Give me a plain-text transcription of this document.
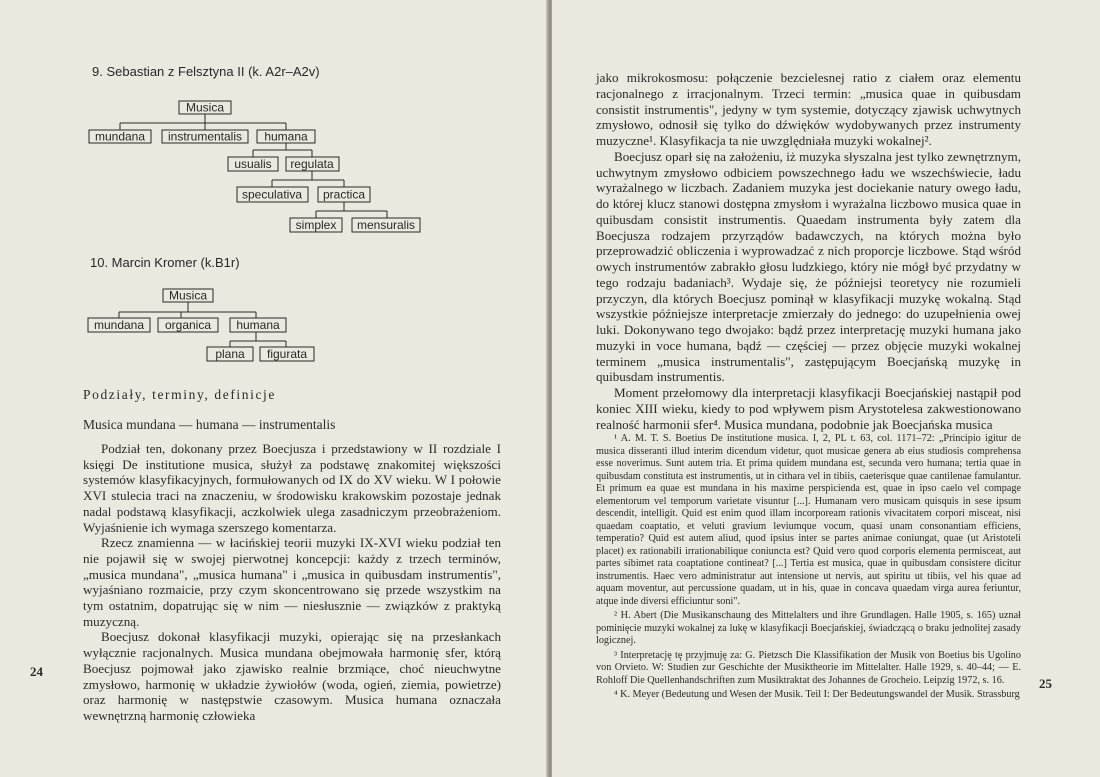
9. Sebastian z Felsztyna II (k. A2r–A2v)
Musica
mundana instrumentalis humana
usualis regulata
speculativa practica
simplex mensuralis
10. Marcin Kromer (k.B1r)
Musica
mundana organica humana
plana figurata
Podziały, terminy, definicje
Musica mundana — humana — instrumentalis

Podział ten, dokonany przez Boecjusza i przedstawiony w II rozdziale I księgi De institutione musica, służył za podstawę znakomitej większości systemów klasyfikacyjnych, formułowanych od IX do XV wieku. W I połowie XVI stulecia traci na znaczeniu, w środowisku krakowskim pozostaje jednak nadal podstawą klasyfikacji, aczkolwiek ulega zasadniczym przeobrażeniom. Wyjaśnienie ich wymaga szerszego komentarza.

Rzecz znamienna — w łacińskiej teorii muzyki IX-XVI wieku podział ten nie pojawił się w swojej pierwotnej koncepcji: każdy z trzech terminów, „musica mundana", „musica humana" i „musica in quibusdam instrumentis", wyjaśniano rozmaicie, przy czym skoncentrowano się przede wszystkim na tym ostatnim, dopatrując się w nim — niesłusznie — związków z praktyką muzyczną.

Boecjusz dokonał klasyfikacji muzyki, opierając się na przesłankach wyłącznie racjonalnych. Musica mundana obejmowała harmonię sfer, którą Boecjusz pojmował jako zjawisko realnie brzmiące, choć nieuchwytne zmysłowo, harmonię w układzie żywiołów (woda, ogień, ziemia, powietrze) oraz harmonię w następstwie czasowym. Musica humana oznaczała wewnętrzną harmonię człowieka

24

jako mikrokosmosu: połączenie bezcielesnej ratio z ciałem oraz elementu racjonalnego z irracjonalnym. Trzeci termin: „musica quae in quibusdam consistit instrumentis", jedyny w tym systemie, dotyczący zjawisk uchwytnych zmysłowo, odnosił się tylko do dźwięków wydobywanych przez instrumenty muzyczne¹. Klasyfikacja ta nie uwzględniała muzyki wokalnej².

Boecjusz oparł się na założeniu, iż muzyka słyszalna jest tylko zewnętrznym, uchwytnym zmysłowo odbiciem powszechnego ładu we wszechświecie, ładu wyrażalnego w liczbach. Zadaniem muzyka jest dociekanie natury owego ładu, do której klucz stanowi dostępna zmysłom i wyrażalna liczbowo musica quae in quibusdam consistit instrumentis. Quaedam instrumenta były zatem dla Boecjusza rodzajem przyrządów badawczych, na których można było przeprowadzić obliczenia i wyprowadzać z nich proporcje liczbowe. Stąd wśród owych instrumentów zabrakło głosu ludzkiego, który nie mógł być przydatny w tego rodzaju badaniach³. Wydaje się, że późniejsi teoretycy nie rozumieli przyczyn, dla których Boecjusz pominął w klasyfikacji muzykę wokalną. Stąd wszystkie późniejsze interpretacje zmierzały do jednego: do uzupełnienia owej luki. Dokonywano tego dwojako: bądź przez interpretację muzyki humana jako muzyki in voce humana, bądź — częściej — przez objęcie muzyki wokalnej terminem „musica instrumentalis", zastępującym Boecjańską muzykę in quibusdam instrumentis.

Moment przełomowy dla interpretacji klasyfikacji Boecjańskiej nastąpił pod koniec XIII wieku, kiedy to pod wpływem pism Arystotelesa zakwestionowano realność harmonii sfer⁴. Musica mundana, podobnie jak Boecjańska musica

¹ A. M. T. S. Boetius De institutione musica. I, 2, PL t. 63, col. 1171–72: „Principio igitur de musica disseranti illud interim dicendum videtur, quot musicae genera ab eius studiosis comprehensa esse noverimus. Sunt autem tria. Et prima quidem mundana est, secunda vero humana; tertia quae in quibusdam constituta est instrumentis, ut in cithara vel in tibiis, caeterisque quae cantilenae famulantur. Et primum ea quae est mundana in his maxime perspicienda est, quae in ipso caelo vel compage elementorum vel temporum varietate visuntur [...]. Humanam vero musicam quisquis in sese ipsum descendit, intelligit. Quid est enim quod illam incorpoream rationis vivacitatem corpori misceat, nisi quaedam coaptatio, et veluti gravium leviumque vocum, quasi unam consonantiam efficiens, temperatio? Quid est autem aliud, quod ipsius inter se partes animae coniungat, quae (ut Aristoteli placet) ex rationabili irrationabilique coniuncta est? Quid vero quod corporis elementa permisceat, aut partes sibimet rata coaptatione contineat? [...] Tertia est musica, quae in quibusdam consistere dicitur instrumentis. Haec vero administratur aut intensione ut nervis, aut spiritu ut tibiis, vel his quae ad aquam moventur, aut percussione quadam, ut in his, quae in concava quaedam virga aurea feriuntur, atque inde diversi efficiuntur soni".

² H. Abert (Die Musikanschaung des Mittelalters und ihre Grundlagen. Halle 1905, s. 165) uznał pominięcie muzyki wokalnej za lukę w klasyfikacji Boecjańskiej, świadczącą o braku jednolitej zasady logicznej.

³ Interpretację tę przyjmuję za: G. Pietzsch Die Klassifikation der Musik von Boetius bis Ugolino von Orvieto. W: Studien zur Geschichte der Musiktheorie im Mittelalter. Halle 1929, s. 40–44; — E. Rohloff Die Quellenhandschriften zum Musiktraktat des Johannes de Grocheio. Leipzig 1972, s. 16.

⁴ K. Meyer (Bedeutung und Wesen der Musik. Teil I: Der Bedeutungswandel der Musik. Strassburg

25
